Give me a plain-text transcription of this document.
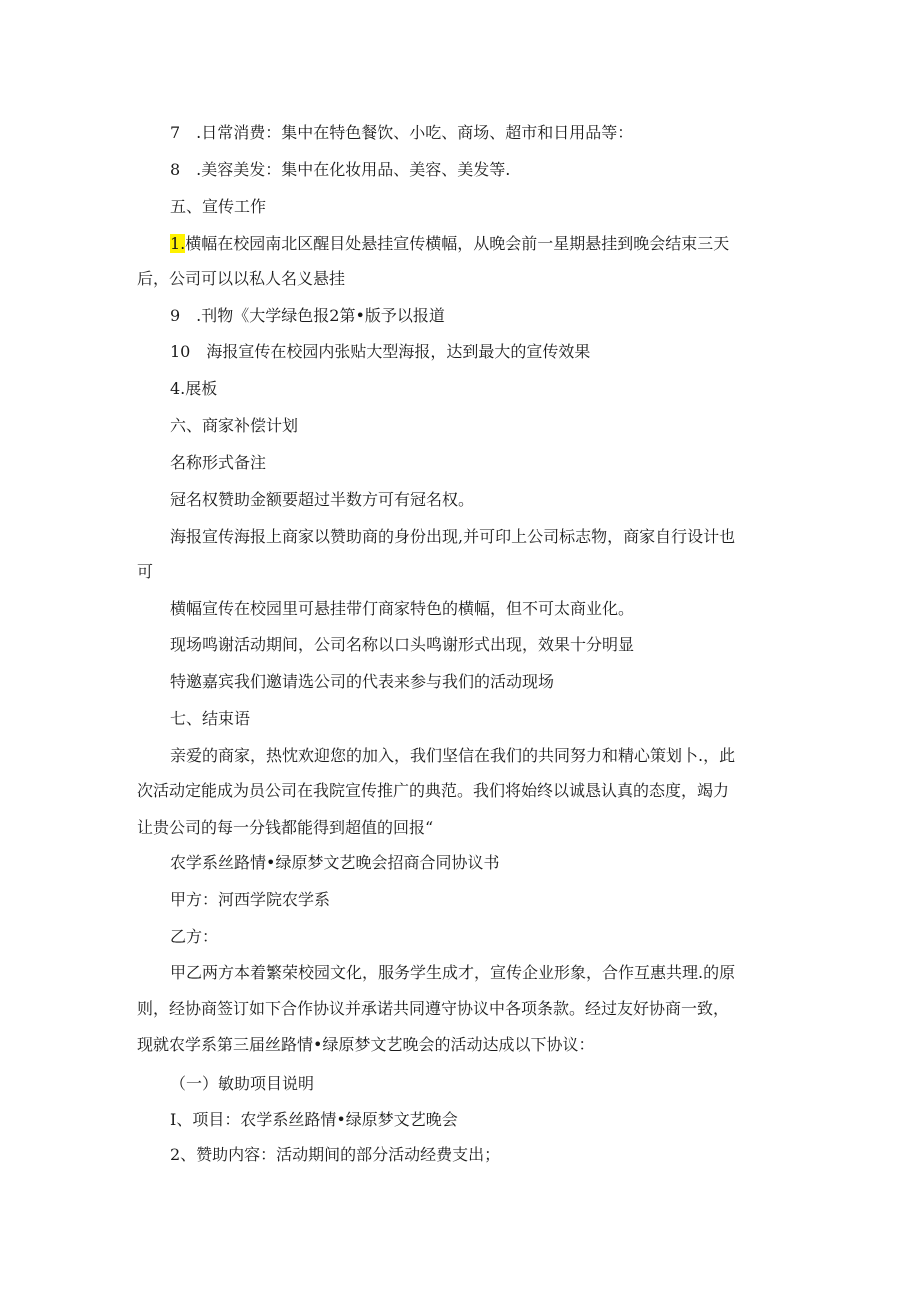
7　.日常消费：集中在特色餐饮、小吃、商场、超市和日用品等：
8　.美容美发：集中在化妆用品、美容、美发等.
五、宣传工作
1.横幅在校园南北区醒目处悬挂宣传横幅，从晚会前一星期悬挂到晚会结束三天
后，公司可以以私人名义悬挂
9　.刊物《大学绿色报2第•版予以报道
10　海报宣传在校园内张贴大型海报，达到最大的宣传效果
4.展板
六、商家补偿计划
名称形式备注
冠名权赞助金额要超过半数方可有冠名权。
海报宣传海报上商家以赞助商的身份出现,并可印上公司标志物，商家自行设计也
可
横幅宣传在校园里可悬挂带仃商家特色的横幅，但不可太商业化。
现场鸣谢活动期间，公司名称以口头鸣谢形式出现，效果十分明显
特邀嘉宾我们邀请选公司的代表来参与我们的活动现场
七、结束语
亲爱的商家，热忱欢迎您的加入，我们坚信在我们的共同努力和精心策划卜.，此
次活动定能成为员公司在我院宣传推广的典范。我们将始终以诚恳认真的态度，竭力
让贵公司的每一分钱都能得到超值的回报“
农学系丝路情•绿原梦文艺晚会招商合同协议书
甲方：河西学院农学系
乙方：
甲乙两方本着繁荣校园文化，服务学生成才，宣传企业形象，合作互惠共理.的原
则，经协商签订如下合作协议并承诺共同遵守协议中各项条款。经过友好协商一致，
现就农学系第三届丝路情•绿原梦文艺晚会的活动达成以下协议：
（一）敏助项目说明
I、项目：农学系丝路情•绿原梦文艺晚会
2、赞助内容：活动期间的部分活动经费支出；
